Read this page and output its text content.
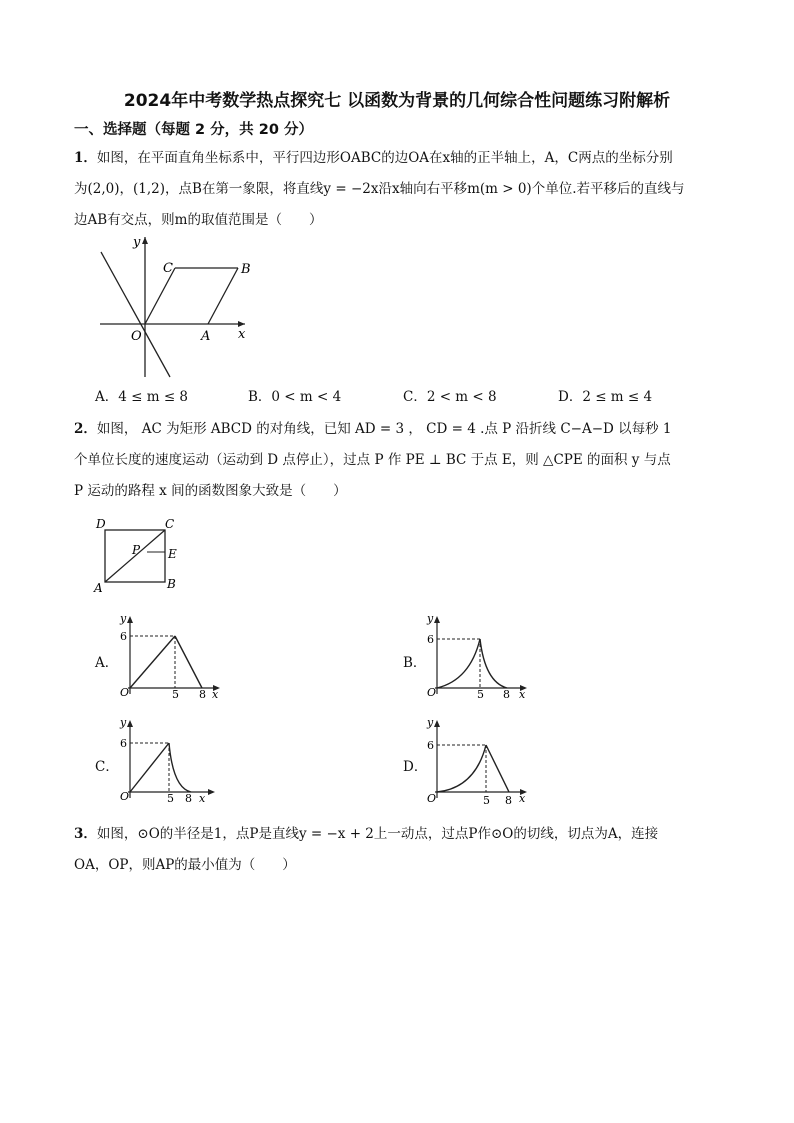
2024年中考数学热点探究七 以函数为背景的几何综合性问题练习附解析
一、选择题（每题 2 分，共 20 分）
1．如图，在平面直角坐标系中，平行四边形OABC的边OA在x轴的正半轴上，A，C两点的坐标分别
为(2,0)，(1,2)，点B在第一象限，将直线y = −2x沿x轴向右平移m(m > 0)个单位.若平移后的直线与
边AB有交点，则m的取值范围是（　　）
y
x
O	A
B
C
A．4 ≤ m ≤ 8	B．0 < m < 4	C．2 < m < 8	D．2 ≤ m ≤ 4
2．如图， AC 为矩形 ABCD 的对角线，已知 AD = 3 ， CD = 4 .点 P 沿折线 C−A−D 以每秒 1
个单位长度的速度运动（运动到 D 点停止），过点 P 作 PE ⊥ BC 于点 E，则 △CPE 的面积 y 与点
P 运动的路程 x 间的函数图象大致是（　　）
D	C
P E
A	B
A．
y
6
O	5 8 x
B．
y
6
O	5 8 x
C．
y
6
O	5 8 x
D．
y
6
O	5 8 x
3．如图，⊙O的半径是1，点P是直线y = −x + 2上一动点，过点P作⊙O的切线，切点为A，连接
OA，OP，则AP的最小值为（　　）
